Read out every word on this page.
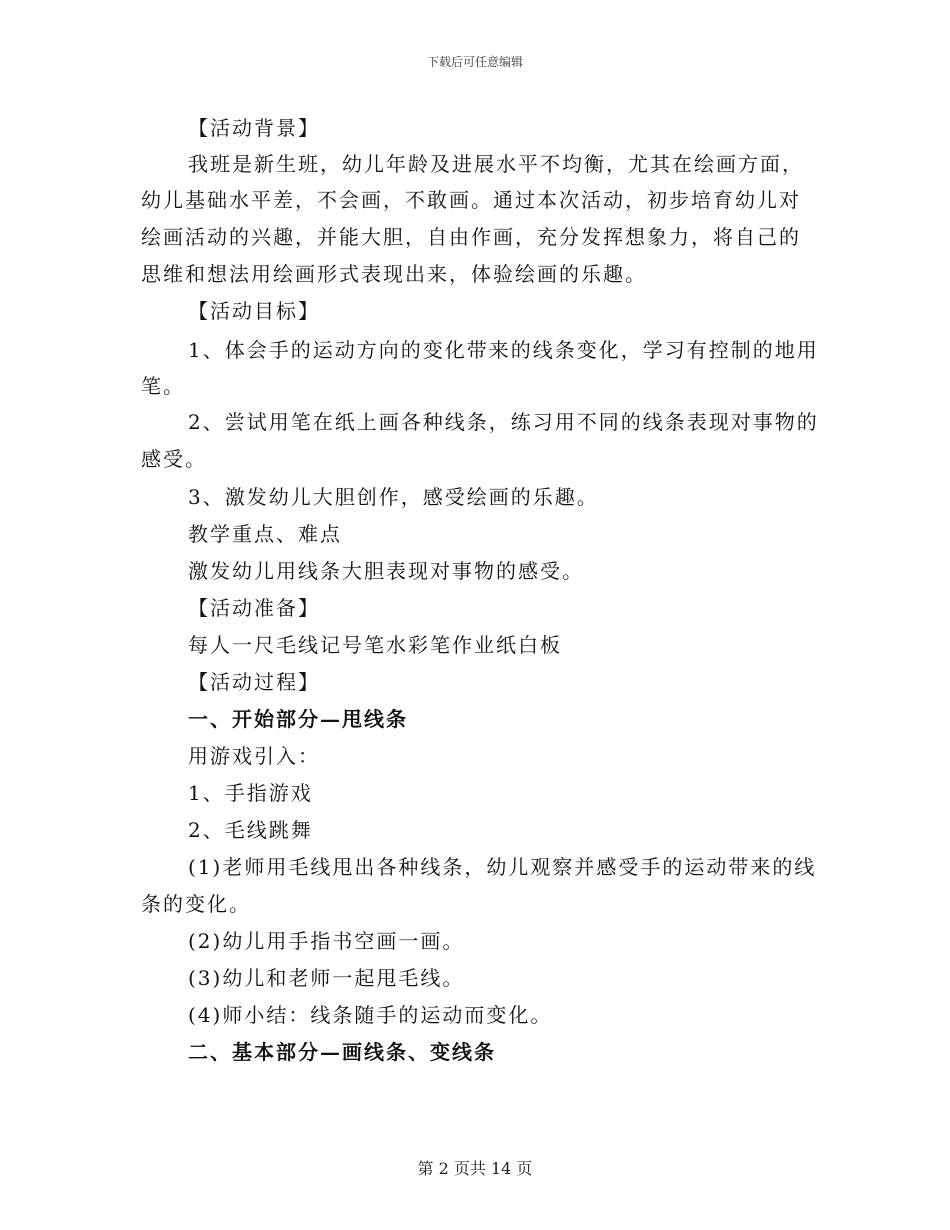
下载后可任意编辑
【活动背景】
我班是新生班，幼儿年龄及进展水平不均衡，尤其在绘画方面，
幼儿基础水平差，不会画，不敢画。通过本次活动，初步培育幼儿对
绘画活动的兴趣，并能大胆，自由作画，充分发挥想象力，将自己的
思维和想法用绘画形式表现出来，体验绘画的乐趣。
【活动目标】
1、体会手的运动方向的变化带来的线条变化，学习有控制的地用
笔。
2、尝试用笔在纸上画各种线条，练习用不同的线条表现对事物的
感受。
3、激发幼儿大胆创作，感受绘画的乐趣。
教学重点、难点
激发幼儿用线条大胆表现对事物的感受。
【活动准备】
每人一尺毛线记号笔水彩笔作业纸白板
【活动过程】
一、开始部分—甩线条
用游戏引入：
1、手指游戏
2、毛线跳舞
(1)老师用毛线甩出各种线条，幼儿观察并感受手的运动带来的线
条的变化。
(2)幼儿用手指书空画一画。
(3)幼儿和老师一起甩毛线。
(4)师小结：线条随手的运动而变化。
二、基本部分—画线条、变线条
第 2 页共 14 页
